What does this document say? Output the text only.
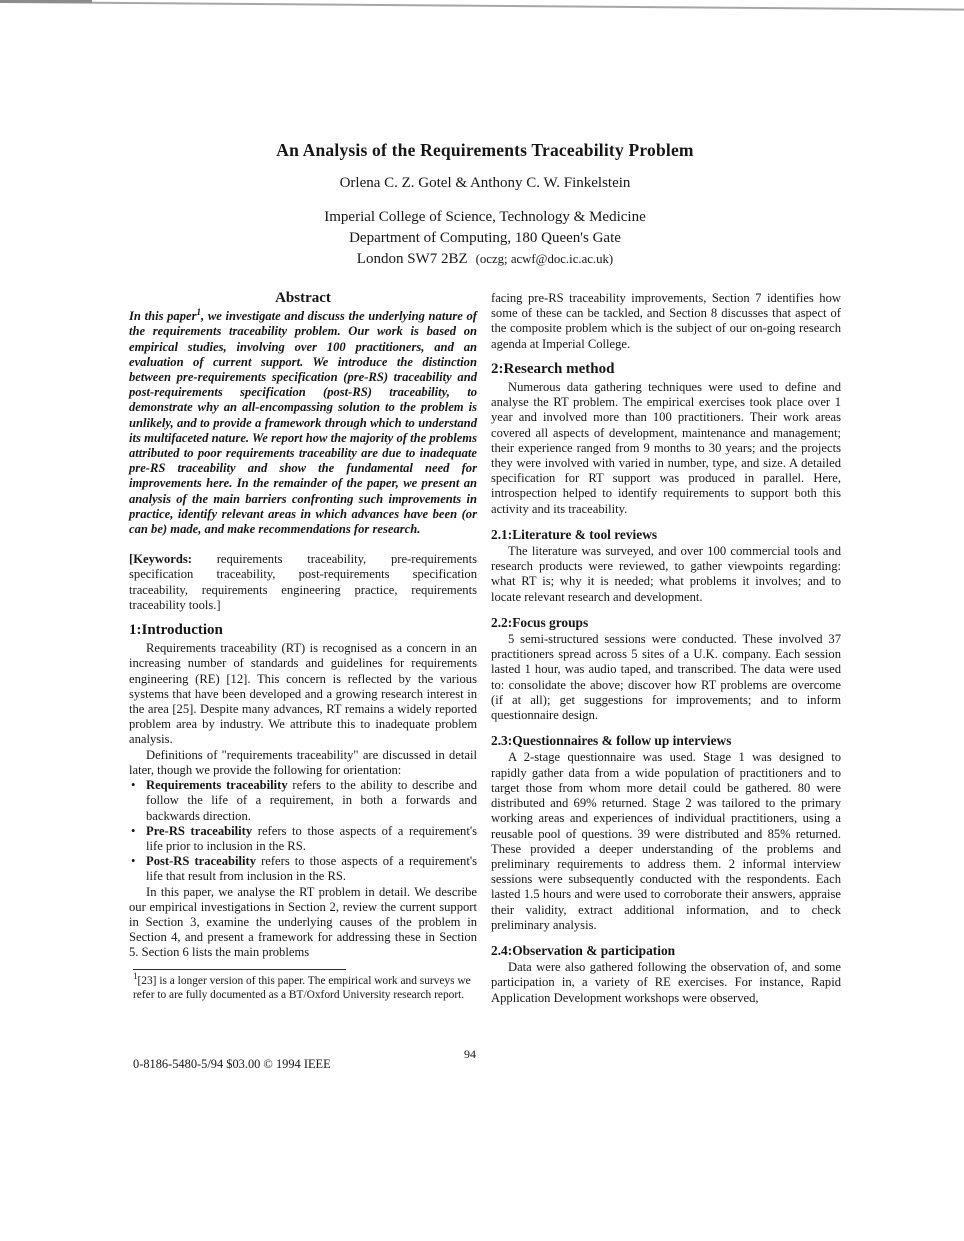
An Analysis of the Requirements Traceability Problem
Orlena C. Z. Gotel & Anthony C. W. Finkelstein
Imperial College of Science, Technology & Medicine
Department of Computing, 180 Queen's Gate
London SW7 2BZ (oczg; acwf@doc.ic.ac.uk)
Abstract

In this paper$^1$, we investigate and discuss the underlying nature of the requirements traceability problem. Our work is based on empirical studies, involving over 100 practitioners, and an evaluation of current support. We introduce the distinction between pre-requirements specification (pre-RS) traceability and post-requirements specification (post-RS) traceability, to demonstrate why an all-encompassing solution to the problem is unlikely, and to provide a framework through which to understand its multifaceted nature. We report how the majority of the problems attributed to poor requirements traceability are due to inadequate pre-RS traceability and show the fundamental need for improvements here. In the remainder of the paper, we present an analysis of the main barriers confronting such improvements in practice, identify relevant areas in which advances have been (or can be) made, and make recommendations for research.

[Keywords: requirements traceability, pre-requirements specification traceability, post-requirements specification traceability, requirements engineering practice, requirements traceability tools.]

1:Introduction

Requirements traceability (RT) is recognised as a concern in an increasing number of standards and guidelines for requirements engineering (RE) [12]. This concern is reflected by the various systems that have been developed and a growing research interest in the area [25]. Despite many advances, RT remains a widely reported problem area by industry. We attribute this to inadequate problem analysis.

Definitions of "requirements traceability" are discussed in detail later, though we provide the following for orientation:

• Requirements traceability refers to the ability to describe and follow the life of a requirement, in both a forwards and backwards direction.
• Pre-RS traceability refers to those aspects of a requirement's life prior to inclusion in the RS.
• Post-RS traceability refers to those aspects of a requirement's life that result from inclusion in the RS.

In this paper, we analyse the RT problem in detail. We describe our empirical investigations in Section 2, review the current support in Section 3, examine the underlying causes of the problem in Section 4, and present a framework for addressing these in Section 5. Section 6 lists the main problems

facing pre-RS traceability improvements, Section 7 identifies how some of these can be tackled, and Section 8 discusses that aspect of the composite problem which is the subject of our on-going research agenda at Imperial College.

2:Research method

Numerous data gathering techniques were used to define and analyse the RT problem. The empirical exercises took place over 1 year and involved more than 100 practitioners. Their work areas covered all aspects of development, maintenance and management; their experience ranged from 9 months to 30 years; and the projects they were involved with varied in number, type, and size. A detailed specification for RT support was produced in parallel. Here, introspection helped to identify requirements to support both this activity and its traceability.

2.1:Literature & tool reviews

The literature was surveyed, and over 100 commercial tools and research products were reviewed, to gather viewpoints regarding: what RT is; why it is needed; what problems it involves; and to locate relevant research and development.

2.2:Focus groups

5 semi-structured sessions were conducted. These involved 37 practitioners spread across 5 sites of a U.K. company. Each session lasted 1 hour, was audio taped, and transcribed. The data were used to: consolidate the above; discover how RT problems are overcome (if at all); get suggestions for improvements; and to inform questionnaire design.

2.3:Questionnaires & follow up interviews

A 2-stage questionnaire was used. Stage 1 was designed to rapidly gather data from a wide population of practitioners and to target those from whom more detail could be gathered. 80 were distributed and 69% returned. Stage 2 was tailored to the primary working areas and experiences of individual practitioners, using a reusable pool of questions. 39 were distributed and 85% returned. These provided a deeper understanding of the problems and preliminary requirements to address them. 2 informal interview sessions were subsequently conducted with the respondents. Each lasted 1.5 hours and were used to corroborate their answers, appraise their validity, extract additional information, and to check preliminary analysis.

2.4:Observation & participation

Data were also gathered following the observation of, and some participation in, a variety of RE exercises. For instance, Rapid Application Development workshops were observed,

$^1$[23] is a longer version of this paper. The empirical work and surveys we refer to are fully documented as a BT/Oxford University research report.

94
0-8186-5480-5/94 $03.00 © 1994 IEEE
